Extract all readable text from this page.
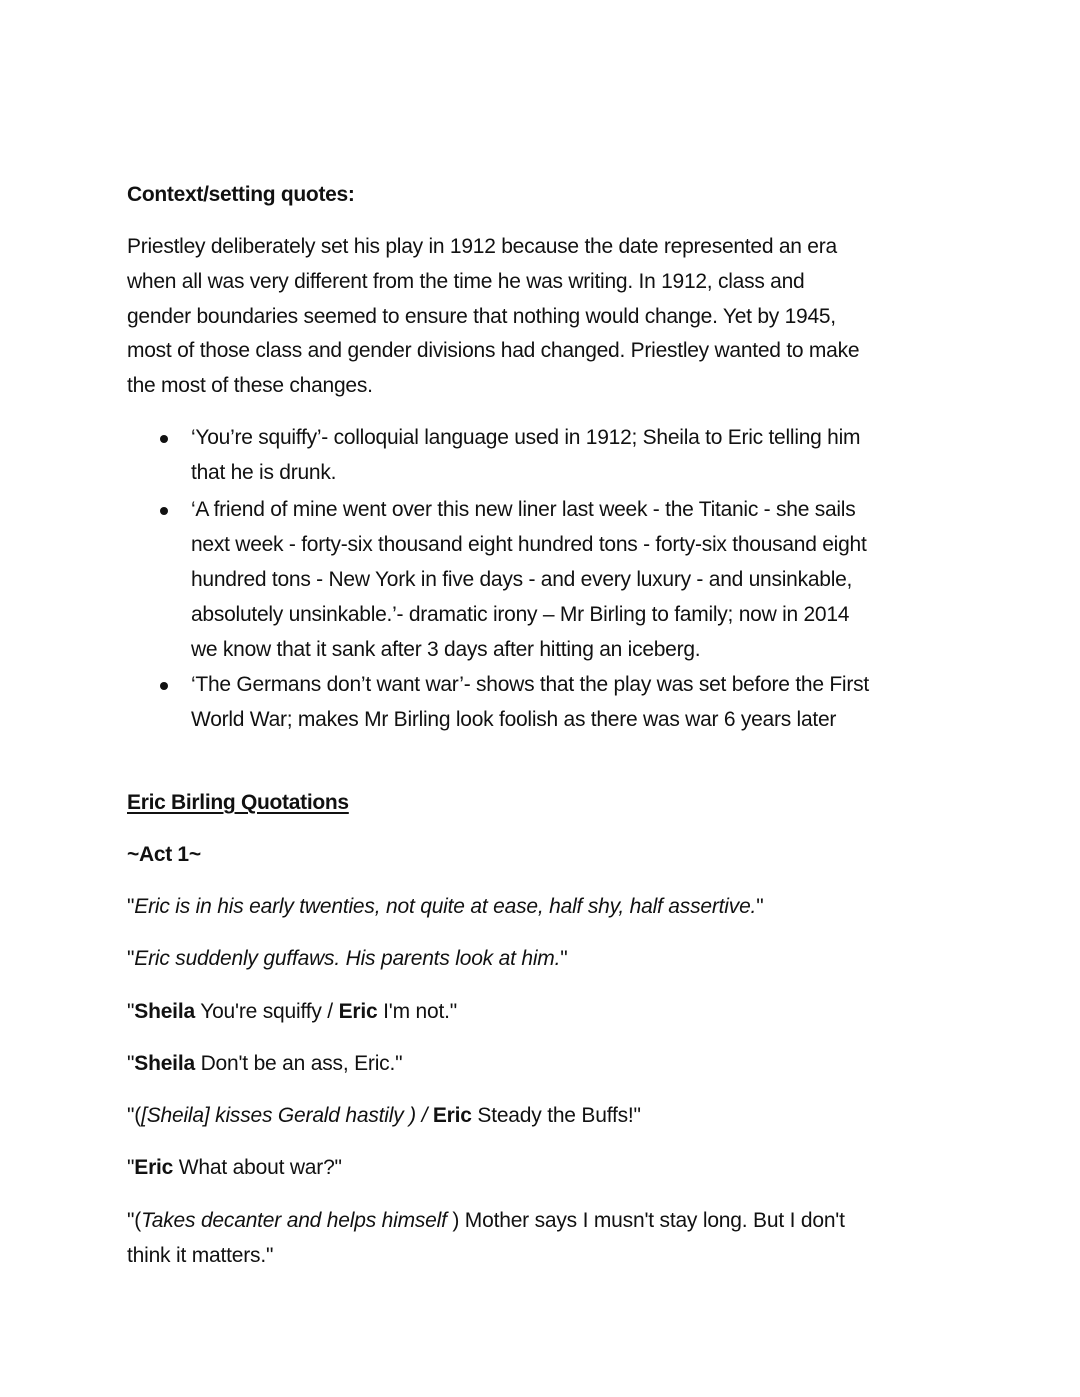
Context/setting quotes:
Priestley deliberately set his play in 1912 because the date represented an era
when all was very different from the time he was writing. In 1912, class and
gender boundaries seemed to ensure that nothing would change. Yet by 1945,
most of those class and gender divisions had changed. Priestley wanted to make
the most of these changes.
‘You’re squiffy’- colloquial language used in 1912; Sheila to Eric telling him
that he is drunk.
‘A friend of mine went over this new liner last week - the Titanic - she sails
next week - forty-six thousand eight hundred tons - forty-six thousand eight
hundred tons - New York in five days - and every luxury - and unsinkable,
absolutely unsinkable.’- dramatic irony – Mr Birling to family; now in 2014
we know that it sank after 3 days after hitting an iceberg.
‘The Germans don’t want war’- shows that the play was set before the First
World War; makes Mr Birling look foolish as there was war 6 years later
Eric Birling Quotations
~Act 1~
"Eric is in his early twenties, not quite at ease, half shy, half assertive."
"Eric suddenly guffaws. His parents look at him."
"Sheila You're squiffy / Eric I'm not."
"Sheila Don't be an ass, Eric."
"([Sheila] kisses Gerald hastily ) / Eric Steady the Buffs!"
"Eric What about war?"
"(Takes decanter and helps himself ) Mother says I musn't stay long. But I don't
think it matters."
